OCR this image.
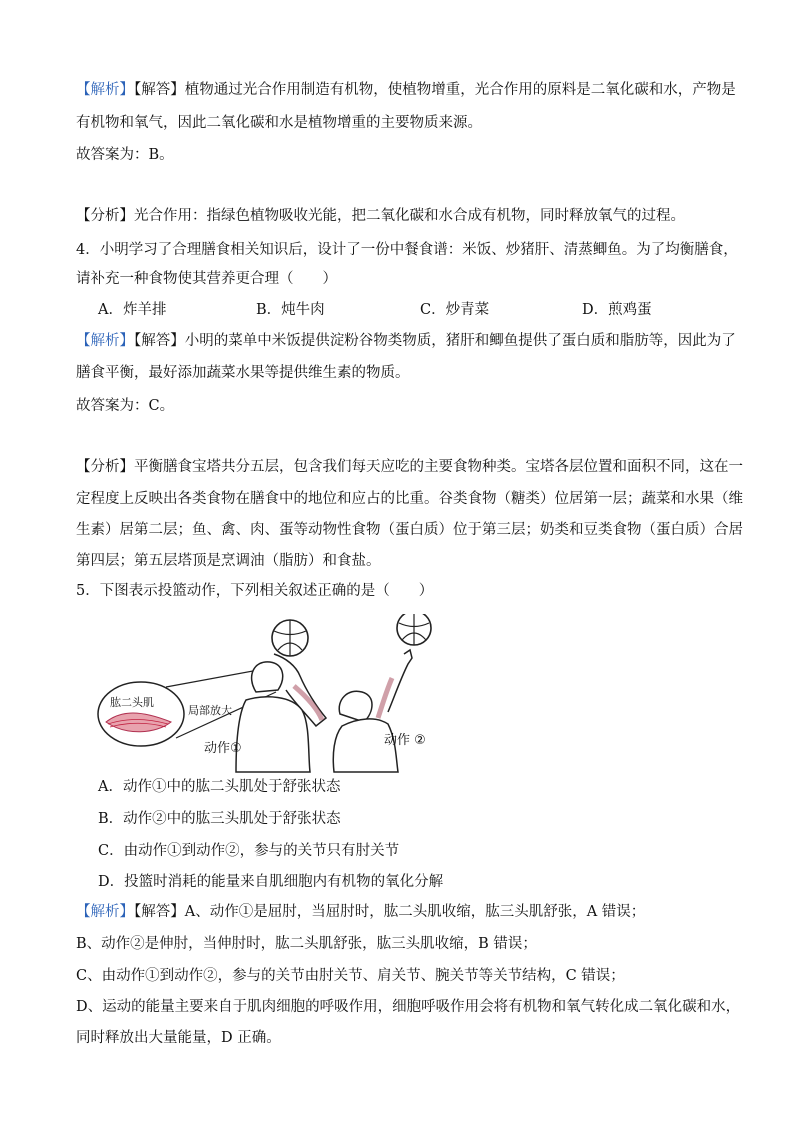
【解析】【解答】植物通过光合作用制造有机物，使植物增重，光合作用的原料是二氧化碳和水，产物是
有机物和氧气，因此二氧化碳和水是植物增重的主要物质来源。
故答案为：B。
【分析】光合作用：指绿色植物吸收光能，把二氧化碳和水合成有机物，同时释放氧气的过程。
4．小明学习了合理膳食相关知识后，设计了一份中餐食谱：米饭、炒猪肝、清蒸鲫鱼。为了均衡膳食，
请补充一种食物使其营养更合理（　　）
A．炸羊排	B．炖牛肉	C．炒青菜	D．煎鸡蛋
【解析】【解答】小明的菜单中米饭提供淀粉谷物类物质，猪肝和鲫鱼提供了蛋白质和脂肪等，因此为了
膳食平衡，最好添加蔬菜水果等提供维生素的物质。
故答案为：C。
【分析】平衡膳食宝塔共分五层，包含我们每天应吃的主要食物种类。宝塔各层位置和面积不同，这在一
定程度上反映出各类食物在膳食中的地位和应占的比重。谷类食物（糖类）位居第一层；蔬菜和水果（维
生素）居第二层；鱼、禽、肉、蛋等动物性食物（蛋白质）位于第三层；奶类和豆类食物（蛋白质）合居
第四层；第五层塔顶是烹调油（脂肪）和食盐。
5．下图表示投篮动作，下列相关叙述正确的是（　　）
肱二头肌
局部放大
动作①
动作 ②
A．动作①中的肱二头肌处于舒张状态
B．动作②中的肱三头肌处于舒张状态
C．由动作①到动作②，参与的关节只有肘关节
D．投篮时消耗的能量来自肌细胞内有机物的氧化分解
【解析】【解答】A、动作①是屈肘，当屈肘时，肱二头肌收缩，肱三头肌舒张，A 错误；
B、动作②是伸肘，当伸肘时，肱二头肌舒张，肱三头肌收缩，B 错误；
C、由动作①到动作②，参与的关节由肘关节、肩关节、腕关节等关节结构，C 错误；
D、运动的能量主要来自于肌肉细胞的呼吸作用，细胞呼吸作用会将有机物和氧气转化成二氧化碳和水，
同时释放出大量能量，D 正确。
